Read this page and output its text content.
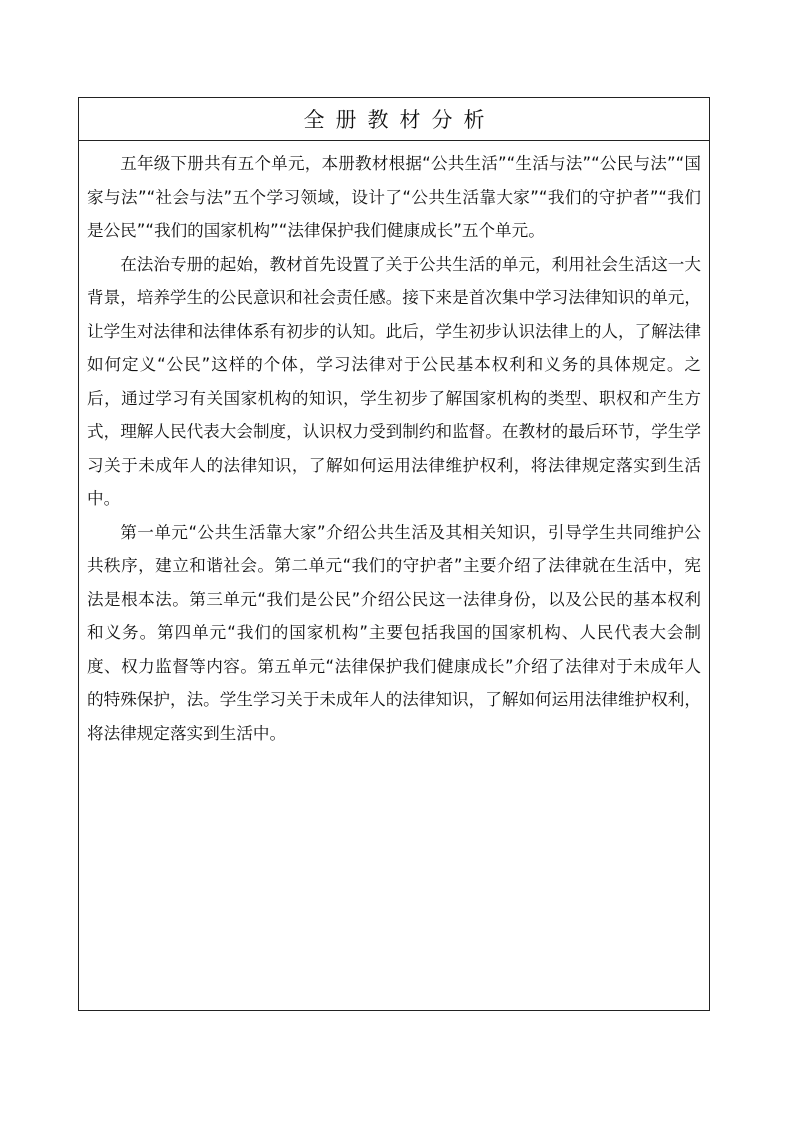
全册教材分析

五年级下册共有五个单元，本册教材根据“公共生活”“生活与法”“公民与法”“国家与法”“社会与法”五个学习领域，设计了“公共生活靠大家”“我们的守护者”“我们是公民”“我们的国家机构”“法律保护我们健康成长”五个单元。

在法治专册的起始，教材首先设置了关于公共生活的单元，利用社会生活这一大背景，培养学生的公民意识和社会责任感。接下来是首次集中学习法律知识的单元，让学生对法律和法律体系有初步的认知。此后，学生初步认识法律上的人，了解法律如何定义“公民”这样的个体，学习法律对于公民基本权利和义务的具体规定。之后，通过学习有关国家机构的知识，学生初步了解国家机构的类型、职权和产生方式，理解人民代表大会制度，认识权力受到制约和监督。在教材的最后环节，学生学习关于未成年人的法律知识，了解如何运用法律维护权利，将法律规定落实到生活中。

第一单元“公共生活靠大家”介绍公共生活及其相关知识，引导学生共同维护公共秩序，建立和谐社会。第二单元“我们的守护者”主要介绍了法律就在生活中，宪法是根本法。第三单元“我们是公民”介绍公民这一法律身份，以及公民的基本权利和义务。第四单元“我们的国家机构”主要包括我国的国家机构、人民代表大会制度、权力监督等内容。第五单元“法律保护我们健康成长”介绍了法律对于未成年人的特殊保护，法。学生学习关于未成年人的法律知识，了解如何运用法律维护权利，将法律规定落实到生活中。
